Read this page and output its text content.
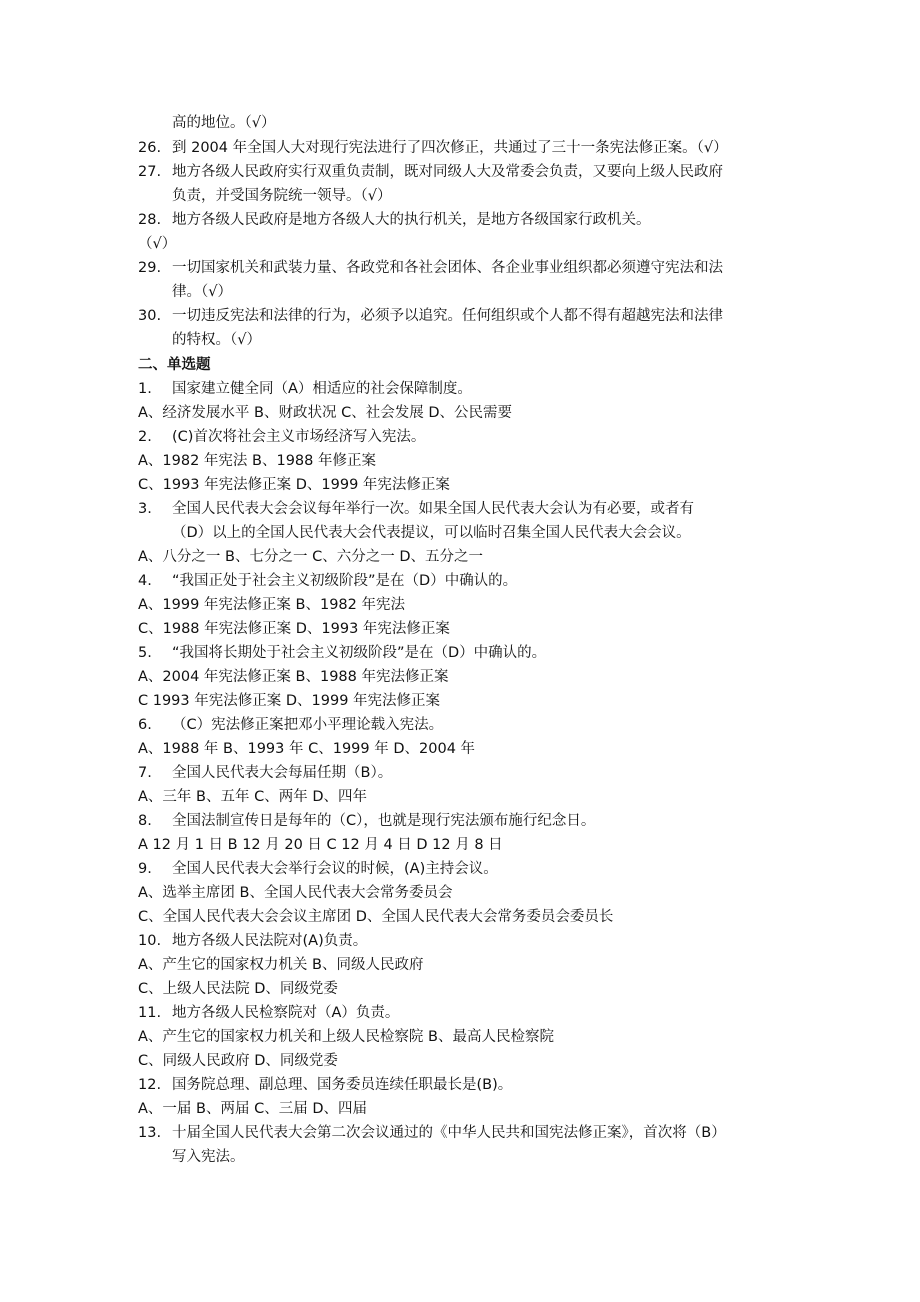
高的地位。（√）
26. 到 2004 年全国人大对现行宪法进行了四次修正，共通过了三十一条宪法修正案。（√）
27. 地方各级人民政府实行双重负责制，既对同级人大及常委会负责，又要向上级人民政府
负责，并受国务院统一领导。（√）
28. 地方各级人民政府是地方各级人大的执行机关，是地方各级国家行政机关。
（√）
29. 一切国家机关和武装力量、各政党和各社会团体、各企业事业组织都必须遵守宪法和法
律。（√）
30. 一切违反宪法和法律的行为，必须予以追究。任何组织或个人都不得有超越宪法和法律
的特权。（√）
二、单选题
1. 国家建立健全同（A）相适应的社会保障制度。
A、经济发展水平 B、财政状况 C、社会发展 D、公民需要
2. (C)首次将社会主义市场经济写入宪法。
A、1982 年宪法 B、1988 年修正案
C、1993 年宪法修正案 D、1999 年宪法修正案
3. 全国人民代表大会会议每年举行一次。如果全国人民代表大会认为有必要，或者有
（D）以上的全国人民代表大会代表提议，可以临时召集全国人民代表大会会议。
A、八分之一 B、七分之一 C、六分之一 D、五分之一
4. “我国正处于社会主义初级阶段”是在（D）中确认的。
A、1999 年宪法修正案 B、1982 年宪法
C、1988 年宪法修正案 D、1993 年宪法修正案
5. “我国将长期处于社会主义初级阶段”是在（D）中确认的。
A、2004 年宪法修正案 B、1988 年宪法修正案
C 1993 年宪法修正案 D、1999 年宪法修正案
6. （C）宪法修正案把邓小平理论载入宪法。
A、1988 年 B、1993 年 C、1999 年 D、2004 年
7. 全国人民代表大会每届任期（B）。
A、三年 B、五年 C、两年 D、四年
8. 全国法制宣传日是每年的（C），也就是现行宪法颁布施行纪念日。
A 12 月 1 日 B 12 月 20 日 C 12 月 4 日 D 12 月 8 日
9. 全国人民代表大会举行会议的时候，(A)主持会议。
A、选举主席团 B、全国人民代表大会常务委员会
C、全国人民代表大会会议主席团 D、全国人民代表大会常务委员会委员长
10. 地方各级人民法院对(A)负责。
A、产生它的国家权力机关 B、同级人民政府
C、上级人民法院 D、同级党委
11. 地方各级人民检察院对（A）负责。
A、产生它的国家权力机关和上级人民检察院 B、最高人民检察院
C、同级人民政府 D、同级党委
12. 国务院总理、副总理、国务委员连续任职最长是(B)。
A、一届 B、两届 C、三届 D、四届
13. 十届全国人民代表大会第二次会议通过的《中华人民共和国宪法修正案》，首次将（B）
写入宪法。
